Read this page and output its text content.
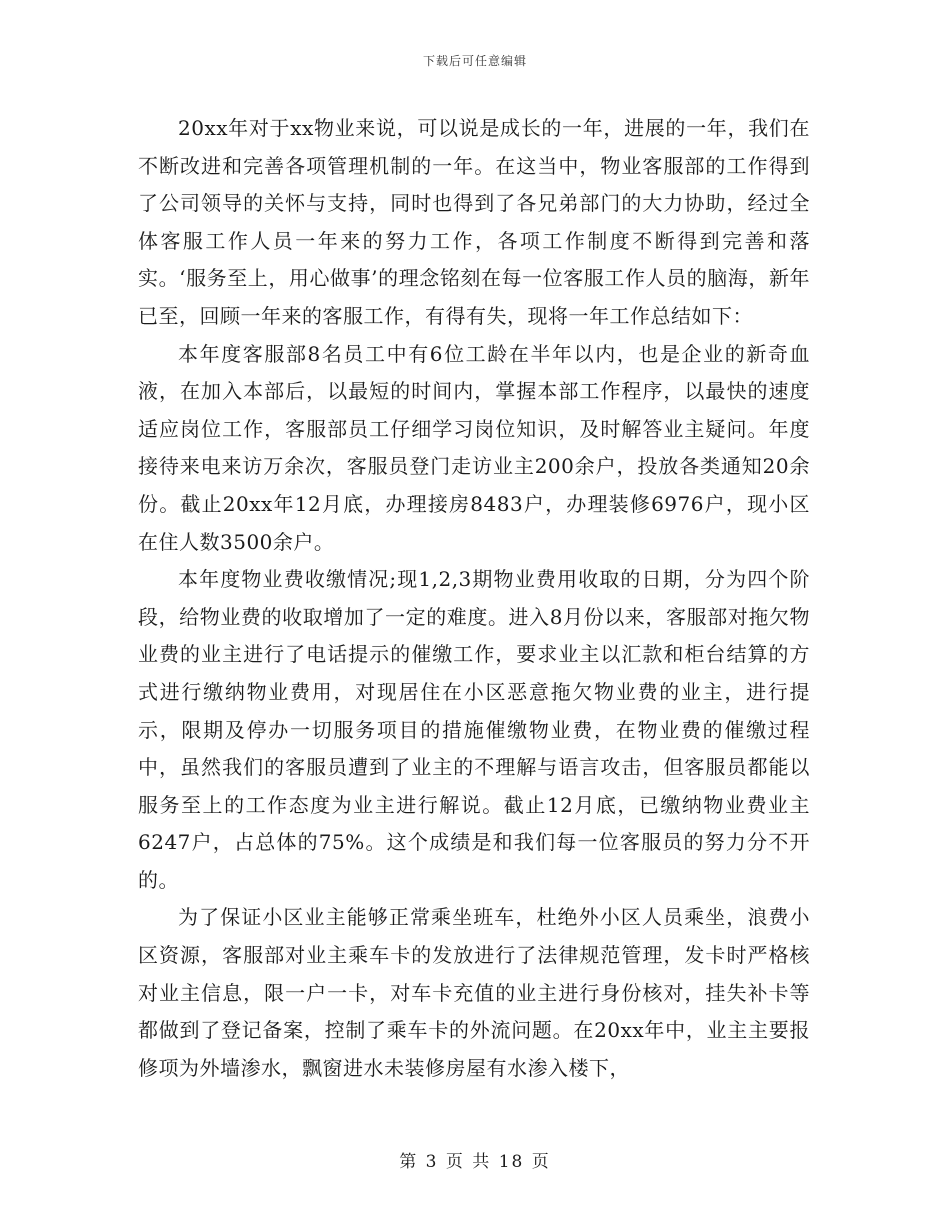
下载后可任意编辑

20xx年对于xx物业来说，可以说是成长的一年，进展的一年，我们在不断改进和完善各项管理机制的一年。在这当中，物业客服部的工作得到了公司领导的关怀与支持，同时也得到了各兄弟部门的大力协助，经过全体客服工作人员一年来的努力工作，各项工作制度不断得到完善和落实。‘服务至上，用心做事’的理念铭刻在每一位客服工作人员的脑海，新年已至，回顾一年来的客服工作，有得有失，现将一年工作总结如下：

本年度客服部8名员工中有6位工龄在半年以内，也是企业的新奇血液，在加入本部后，以最短的时间内，掌握本部工作程序，以最快的速度适应岗位工作，客服部员工仔细学习岗位知识，及时解答业主疑问。年度接待来电来访万余次，客服员登门走访业主200余户，投放各类通知20余份。截止20xx年12月底，办理接房8483户，办理装修6976户，现小区在住人数3500余户。

本年度物业费收缴情况;现1,2,3期物业费用收取的日期，分为四个阶段，给物业费的收取增加了一定的难度。进入8月份以来，客服部对拖欠物业费的业主进行了电话提示的催缴工作，要求业主以汇款和柜台结算的方式进行缴纳物业费用，对现居住在小区恶意拖欠物业费的业主，进行提示，限期及停办一切服务项目的措施催缴物业费，在物业费的催缴过程中，虽然我们的客服员遭到了业主的不理解与语言攻击，但客服员都能以服务至上的工作态度为业主进行解说。截止12月底，已缴纳物业费业主6247户，占总体的75%。这个成绩是和我们每一位客服员的努力分不开的。

为了保证小区业主能够正常乘坐班车，杜绝外小区人员乘坐，浪费小区资源，客服部对业主乘车卡的发放进行了法律规范管理，发卡时严格核对业主信息，限一户一卡，对车卡充值的业主进行身份核对，挂失补卡等都做到了登记备案，控制了乘车卡的外流问题。在20xx年中，业主主要报修项为外墙渗水，飘窗进水未装修房屋有水渗入楼下，

第 3 页 共 18 页
